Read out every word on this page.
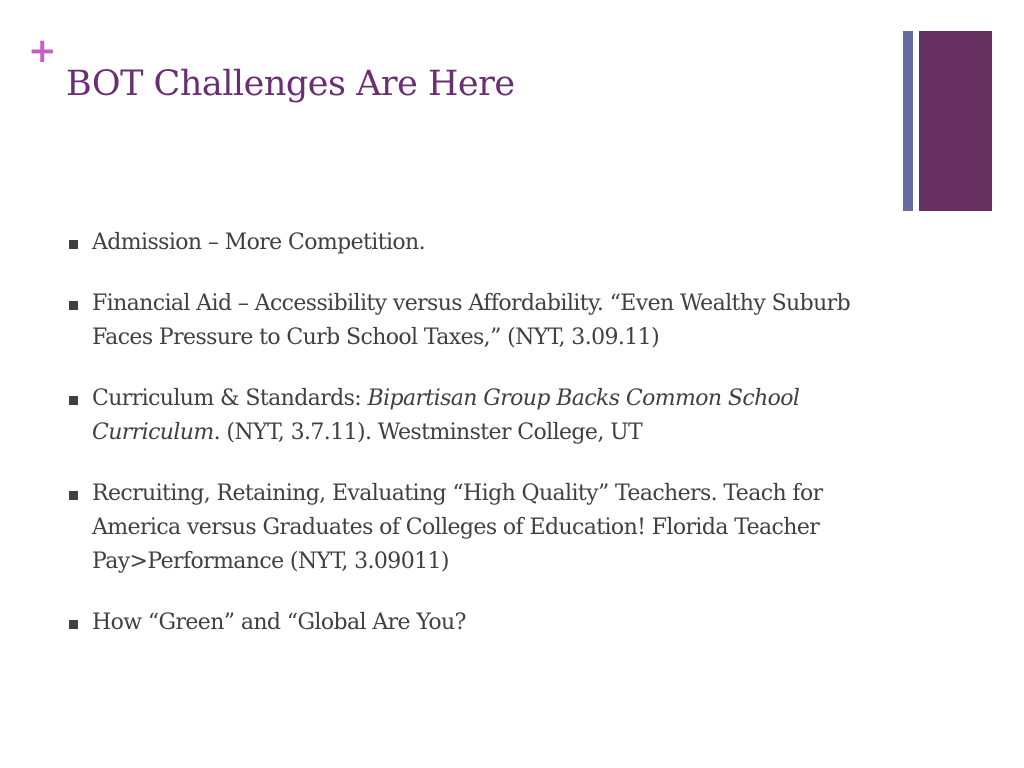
+
BOT Challenges Are Here
Admission – More Competition.
Financial Aid – Accessibility versus Affordability. “Even Wealthy Suburb Faces Pressure to Curb School Taxes,” (NYT, 3.09.11)
Curriculum & Standards: Bipartisan Group Backs Common School Curriculum. (NYT, 3.7.11). Westminster College, UT
Recruiting, Retaining, Evaluating “High Quality” Teachers. Teach for America versus Graduates of Colleges of Education! Florida Teacher Pay>Performance (NYT, 3.09011)
How “Green” and “Global Are You?
